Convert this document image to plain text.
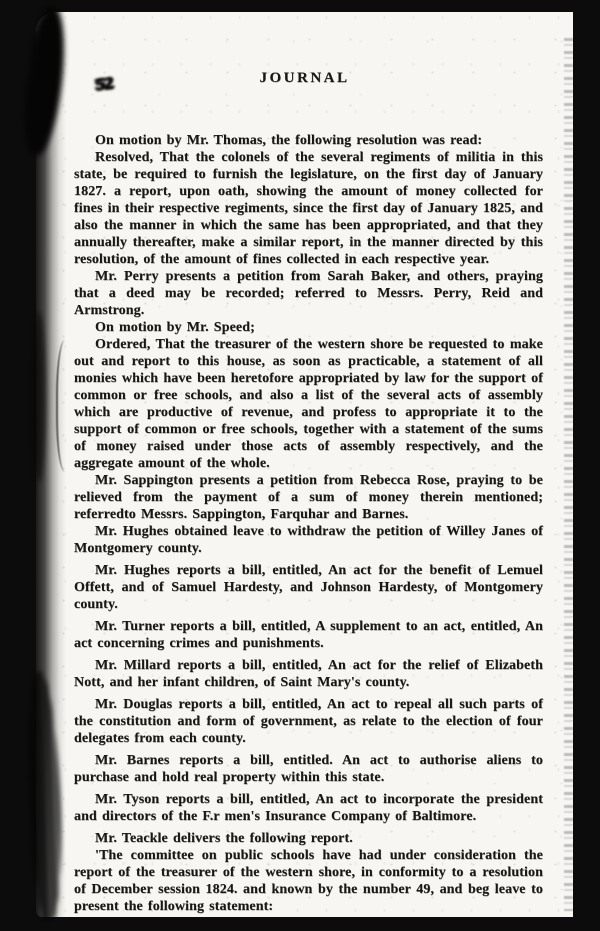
52	JOURNAL

On motion by Mr. Thomas, the following resolution was read:

Resolved, That the colonels of the several regiments of militia in this state, be required to furnish the legislature, on the first day of January 1827. a report, upon oath, showing the amount of money collected for fines in their respective regiments, since the first day of January 1825, and also the manner in which the same has been appropriated, and that they annually thereafter, make a similar report, in the manner directed by this resolution, of the amount of fines collected in each respective year.

Mr. Perry presents a petition from Sarah Baker, and others, praying that a deed may be recorded; referred to Messrs. Perry, Reid and Armstrong.

On motion by Mr. Speed;

Ordered, That the treasurer of the western shore be requested to make out and report to this house, as soon as practicable, a statement of all monies which have been heretofore appropriated by law for the support of common or free schools, and also a list of the several acts of assembly which are productive of revenue, and profess to appropriate it to the support of common or free schools, together with a statement of the sums of money raised under those acts of assembly respectively, and the aggregate amount of the whole.

Mr. Sappington presents a petition from Rebecca Rose, praying to be relieved from the payment of a sum of money therein mentioned; referredto Messrs. Sappington, Farquhar and Barnes.

Mr. Hughes obtained leave to withdraw the petition of Willey Janes of Montgomery county.

Mr. Hughes reports a bill, entitled, An act for the benefit of Lemuel Offett, and of Samuel Hardesty, and Johnson Hardesty, of Montgomery county.

Mr. Turner reports a bill, entitled, A supplement to an act, entitled, An act concerning crimes and punishments.

Mr. Millard reports a bill, entitled, An act for the relief of Elizabeth Nott, and her infant children, of Saint Mary's county.

Mr. Douglas reports a bill, entitled, An act to repeal all such parts of the constitution and form of government, as relate to the election of four delegates from each county.

Mr. Barnes reports a bill, entitled. An act to authorise aliens to purchase and hold real property within this state.

Mr. Tyson reports a bill, entitled, An act to incorporate the president and directors of the F.r men's Insurance Company of Baltimore.

Mr. Teackle delivers the following report.

'The committee on public schools have had under consideration the report of the treasurer of the western shore, in conformity to a resolution of December session 1824. and known by the number 49, and beg leave to present the following statement:
